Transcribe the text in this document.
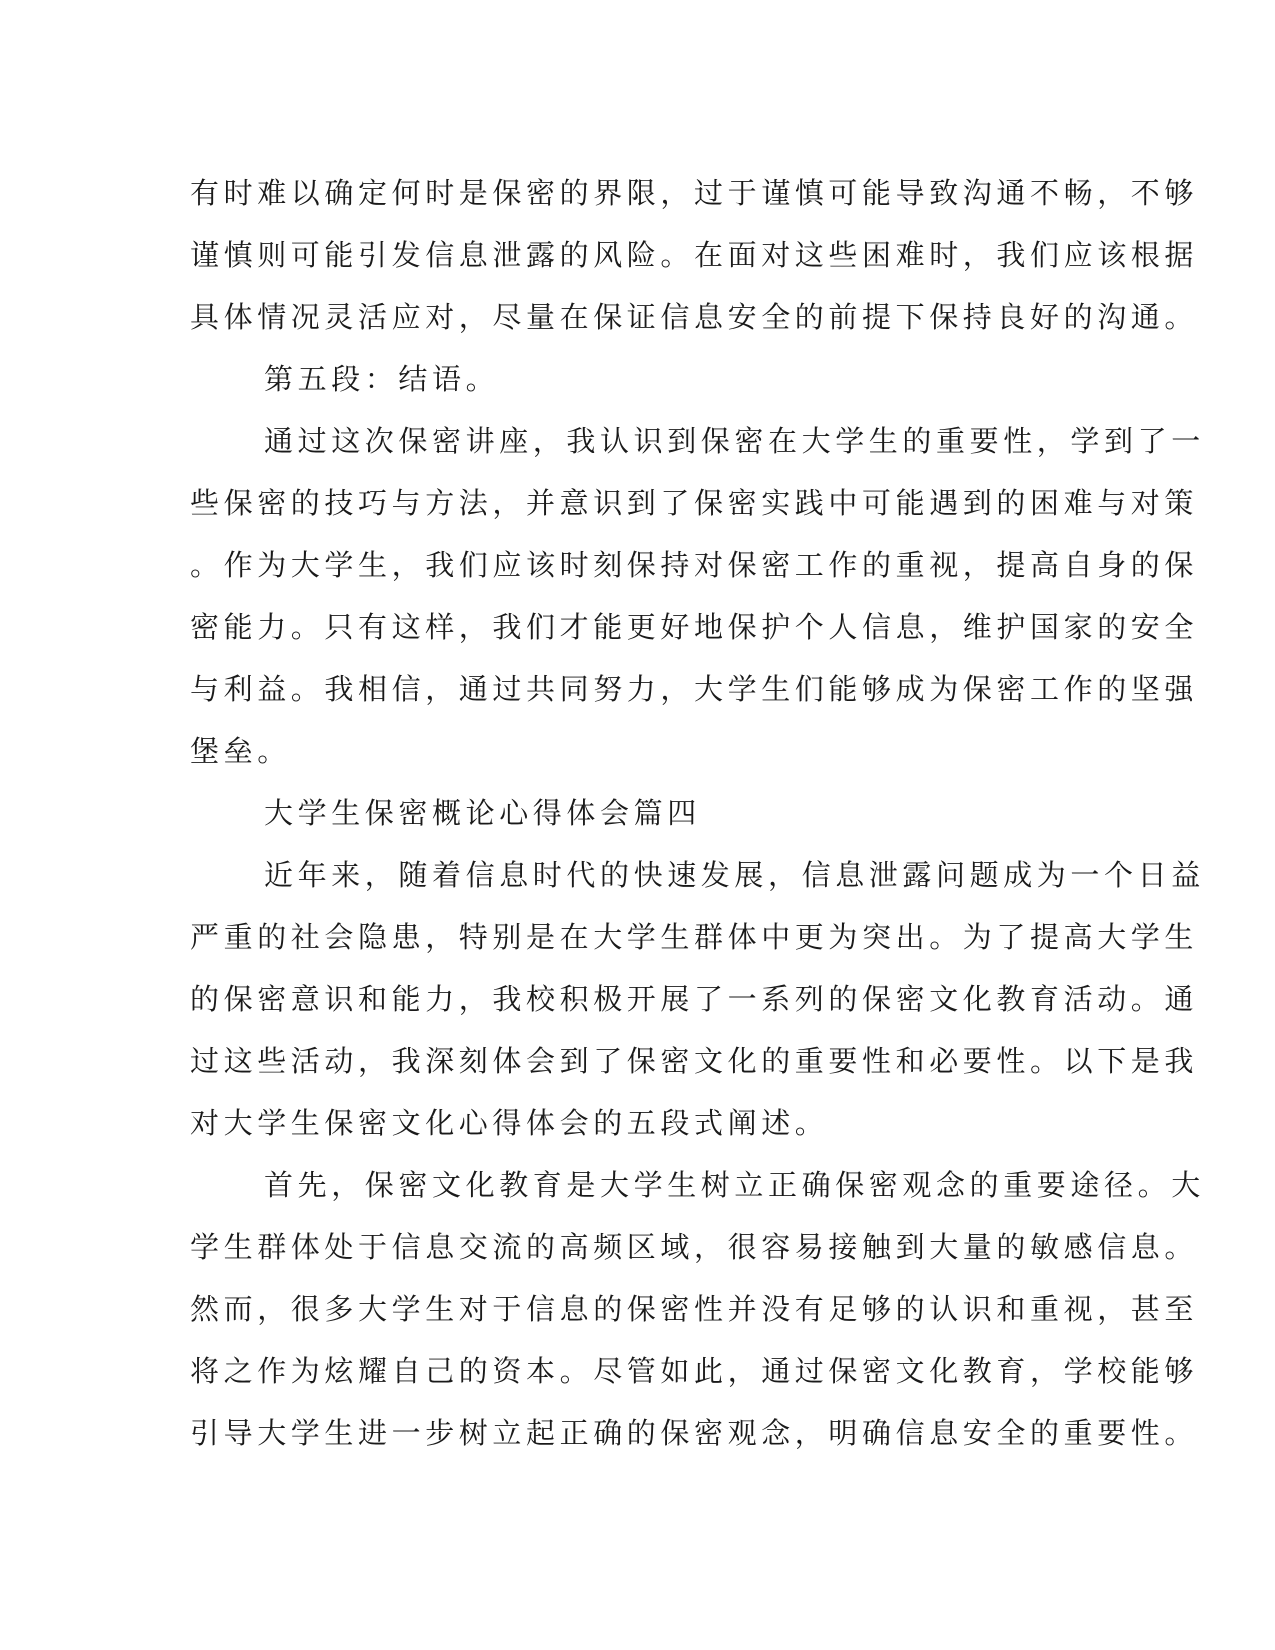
有时难以确定何时是保密的界限，过于谨慎可能导致沟通不畅，不够
谨慎则可能引发信息泄露的风险。在面对这些困难时，我们应该根据
具体情况灵活应对，尽量在保证信息安全的前提下保持良好的沟通。
第五段：结语。
通过这次保密讲座，我认识到保密在大学生的重要性，学到了一
些保密的技巧与方法，并意识到了保密实践中可能遇到的困难与对策
。作为大学生，我们应该时刻保持对保密工作的重视，提高自身的保
密能力。只有这样，我们才能更好地保护个人信息，维护国家的安全
与利益。我相信，通过共同努力，大学生们能够成为保密工作的坚强
堡垒。
大学生保密概论心得体会篇四
近年来，随着信息时代的快速发展，信息泄露问题成为一个日益
严重的社会隐患，特别是在大学生群体中更为突出。为了提高大学生
的保密意识和能力，我校积极开展了一系列的保密文化教育活动。通
过这些活动，我深刻体会到了保密文化的重要性和必要性。以下是我
对大学生保密文化心得体会的五段式阐述。
首先，保密文化教育是大学生树立正确保密观念的重要途径。大
学生群体处于信息交流的高频区域，很容易接触到大量的敏感信息。
然而，很多大学生对于信息的保密性并没有足够的认识和重视，甚至
将之作为炫耀自己的资本。尽管如此，通过保密文化教育，学校能够
引导大学生进一步树立起正确的保密观念，明确信息安全的重要性。
